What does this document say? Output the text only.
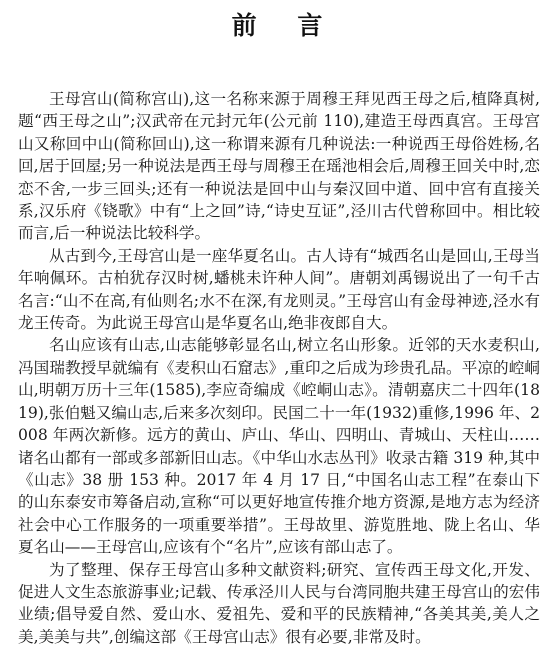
前 言

王母宫山(简称宫山),这一名称来源于周穆王拜见西王母之后,植降真树,题“西王母之山”;汉武帝在元封元年(公元前 110),建造王母西真宫。王母宫山又称回中山(简称回山),这一称谓来源有几种说法:一种说西王母俗姓杨,名回,居于回屋;另一种说法是西王母与周穆王在瑶池相会后,周穆王回关中时,恋恋不舍,一步三回头;还有一种说法是回中山与秦汉回中道、回中宫有直接关系,汉乐府《铙歌》中有“上之回”诗,“诗史互证”,泾川古代曾称回中。相比较而言,后一种说法比较科学。

从古到今,王母宫山是一座华夏名山。古人诗有“城西名山是回山,王母当年响佩环。古柏犹存汉时树,蟠桃未许种人间”。唐朝刘禹锡说出了一句千古名言:“山不在高,有仙则名;水不在深,有龙则灵。”王母宫山有金母神迹,泾水有龙王传奇。为此说王母宫山是华夏名山,绝非夜郎自大。

名山应该有山志,山志能够彰显名山,树立名山形象。近邻的天水麦积山,冯国瑞教授早就编有《麦积山石窟志》,重印之后成为珍贵孔品。平凉的崆峒山,明朝万历十三年(1585),李应奇编成《崆峒山志》。清朝嘉庆二十四年(1819),张伯魁又编山志,后来多次刻印。民国二十一年(1932)重修,1996 年、2008 年两次新修。远方的黄山、庐山、华山、四明山、青城山、天柱山……诸名山都有一部或多部新旧山志。《中华山水志丛刊》收录古籍 319 种,其中《山志》38 册 153 种。2017 年 4 月 17 日,“中国名山志工程”在泰山下的山东泰安市筹备启动,宣称“可以更好地宣传推介地方资源,是地方志为经济社会中心工作服务的一项重要举措”。王母故里、游览胜地、陇上名山、华夏名山——王母宫山,应该有个“名片”,应该有部山志了。

为了整理、保存王母宫山多种文献资料;研究、宣传西王母文化,开发、促进人文生态旅游事业;记载、传承泾川人民与台湾同胞共建王母宫山的宏伟业绩;倡导爱自然、爱山水、爱祖先、爱和平的民族精神,“各美其美,美人之美,美美与共”,创编这部《王母宫山志》很有必要,非常及时。
